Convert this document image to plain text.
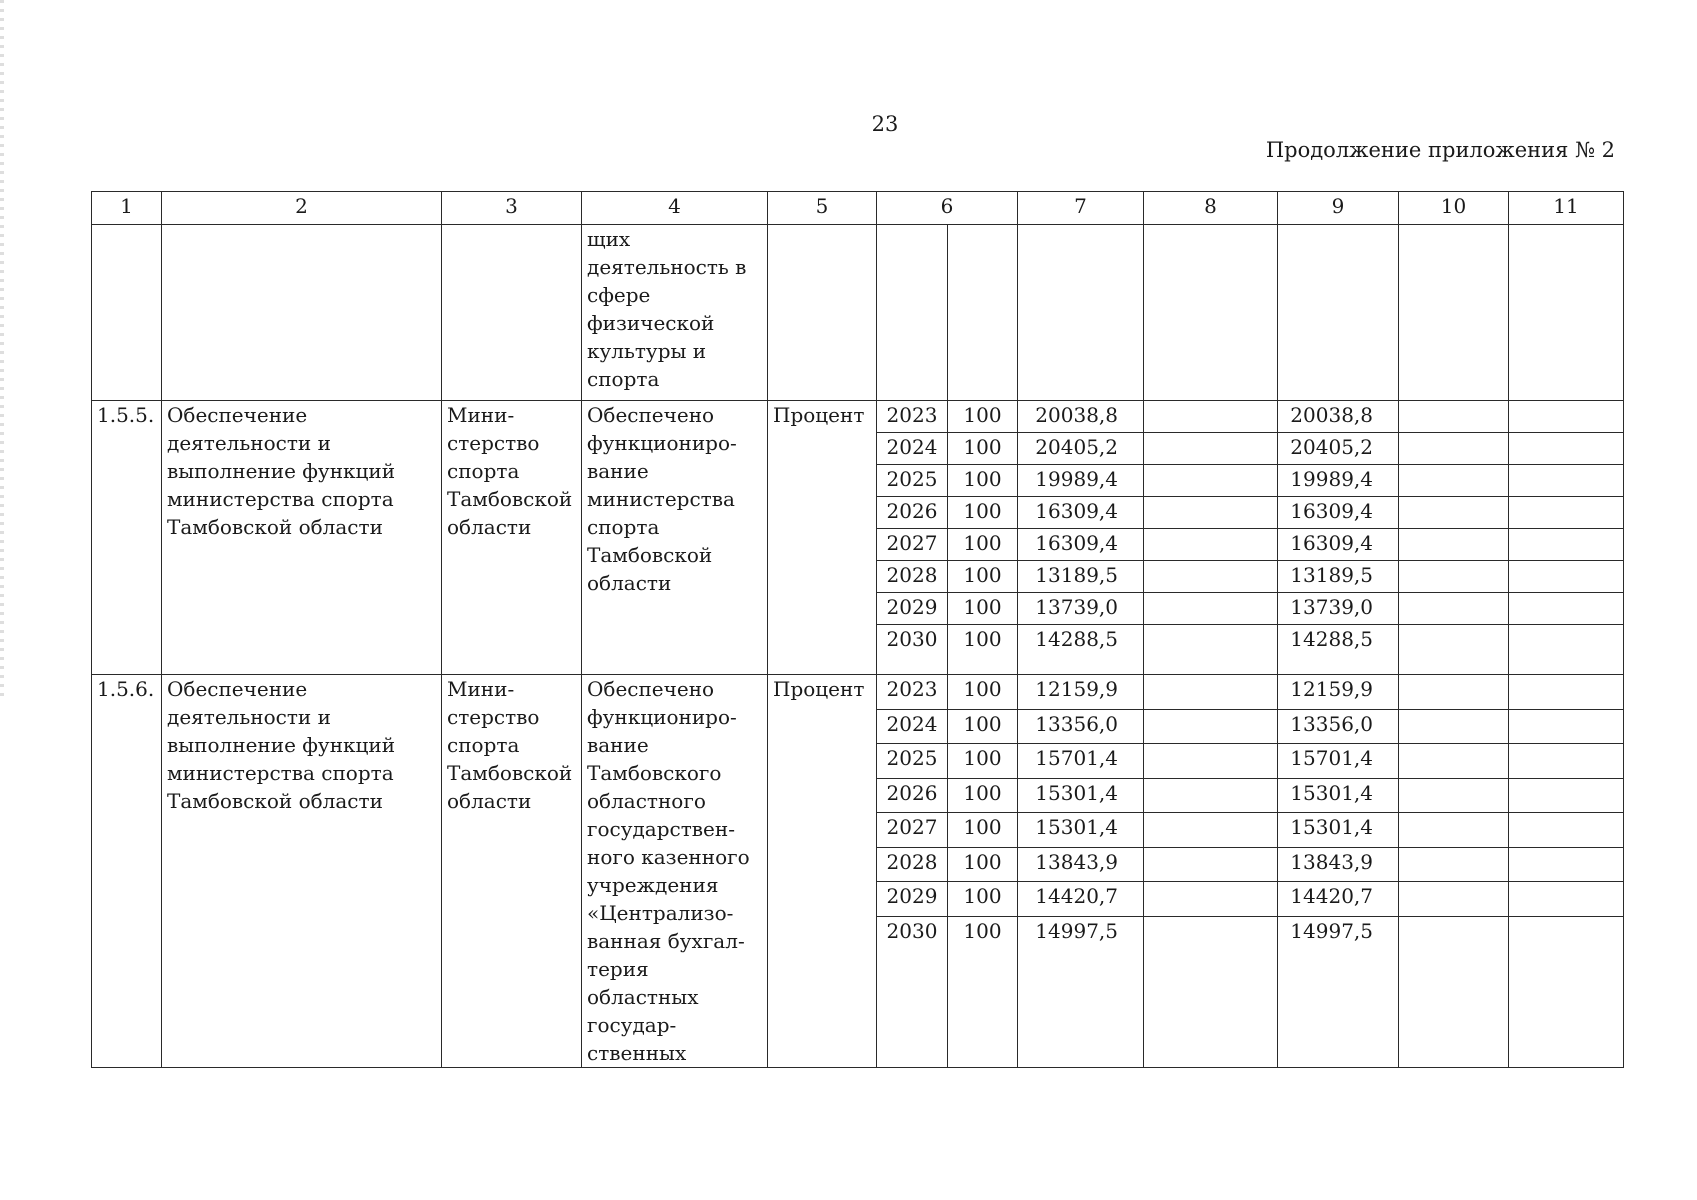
23
Продолжение приложения № 2
1	2	3	4	5	6		7	8	9	10	11
			щих деятельность в сфере физической культуры и спорта								
1.5.5.	Обеспечение деятельности и выполнение функций министерства спорта Тамбовской области	Мини-стерство спорта Тамбовской области	Обеспечено функциониро-вание министерства спорта Тамбовской области	Процент	2023	100	20038,8		20038,8		
					2024	100	20405,2		20405,2		
					2025	100	19989,4		19989,4		
					2026	100	16309,4		16309,4		
					2027	100	16309,4		16309,4		
					2028	100	13189,5		13189,5		
					2029	100	13739,0		13739,0		
					2030	100	14288,5		14288,5		
1.5.6.	Обеспечение деятельности и выполнение функций министерства спорта Тамбовской области	Мини-стерство спорта Тамбовской области	Обеспечено функциониро-вание Тамбовского областного государствен-ного казенного учреждения «Централизо-ванная бухгал-терия областных государ-ственных	Процент	2023	100	12159,9		12159,9		
					2024	100	13356,0		13356,0		
					2025	100	15701,4		15701,4		
					2026	100	15301,4		15301,4		
					2027	100	15301,4		15301,4		
					2028	100	13843,9		13843,9		
					2029	100	14420,7		14420,7		
					2030	100	14997,5		14997,5		
